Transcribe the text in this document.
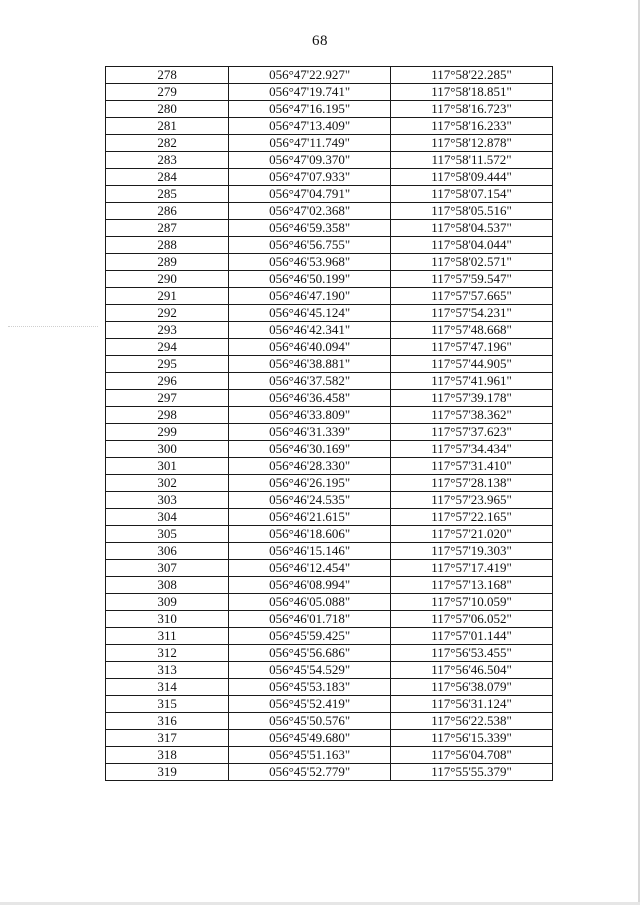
68
278	056°47'22.927"	117°58'22.285"
279	056°47'19.741"	117°58'18.851"
280	056°47'16.195"	117°58'16.723"
281	056°47'13.409"	117°58'16.233"
282	056°47'11.749"	117°58'12.878"
283	056°47'09.370"	117°58'11.572"
284	056°47'07.933"	117°58'09.444"
285	056°47'04.791"	117°58'07.154"
286	056°47'02.368"	117°58'05.516"
287	056°46'59.358"	117°58'04.537"
288	056°46'56.755"	117°58'04.044"
289	056°46'53.968"	117°58'02.571"
290	056°46'50.199"	117°57'59.547"
291	056°46'47.190"	117°57'57.665"
292	056°46'45.124"	117°57'54.231"
293	056°46'42.341"	117°57'48.668"
294	056°46'40.094"	117°57'47.196"
295	056°46'38.881"	117°57'44.905"
296	056°46'37.582"	117°57'41.961"
297	056°46'36.458"	117°57'39.178"
298	056°46'33.809"	117°57'38.362"
299	056°46'31.339"	117°57'37.623"
300	056°46'30.169"	117°57'34.434"
301	056°46'28.330"	117°57'31.410"
302	056°46'26.195"	117°57'28.138"
303	056°46'24.535"	117°57'23.965"
304	056°46'21.615"	117°57'22.165"
305	056°46'18.606"	117°57'21.020"
306	056°46'15.146"	117°57'19.303"
307	056°46'12.454"	117°57'17.419"
308	056°46'08.994"	117°57'13.168"
309	056°46'05.088"	117°57'10.059"
310	056°46'01.718"	117°57'06.052"
311	056°45'59.425"	117°57'01.144"
312	056°45'56.686"	117°56'53.455"
313	056°45'54.529"	117°56'46.504"
314	056°45'53.183"	117°56'38.079"
315	056°45'52.419"	117°56'31.124"
316	056°45'50.576"	117°56'22.538"
317	056°45'49.680"	117°56'15.339"
318	056°45'51.163"	117°56'04.708"
319	056°45'52.779"	117°55'55.379"
